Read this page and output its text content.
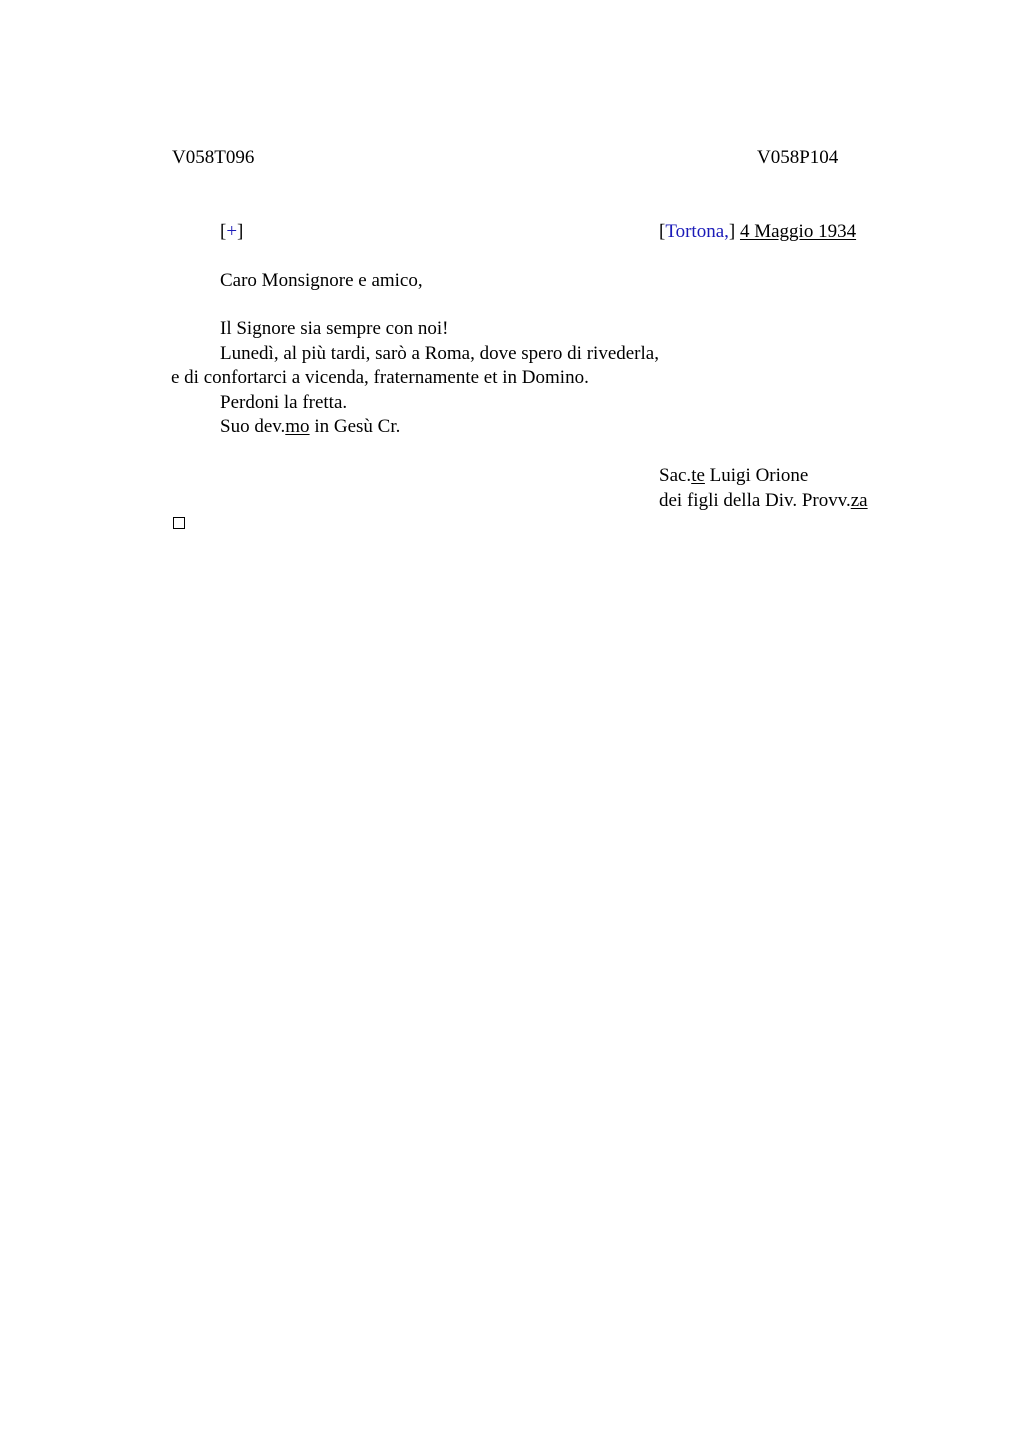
V058T096	V058P104
[+]	[Tortona,] 4 Maggio 1934
Caro Monsignore e amico,
Il Signore sia sempre con noi!
Lunedì, al più tardi, sarò a Roma, dove spero di rivederla,
e di confortarci a vicenda, fraternamente et in Domino.
Perdoni la fretta.
Suo dev.mo in Gesù Cr.
Sac.te Luigi Orione
dei figli della Div. Provv.za
